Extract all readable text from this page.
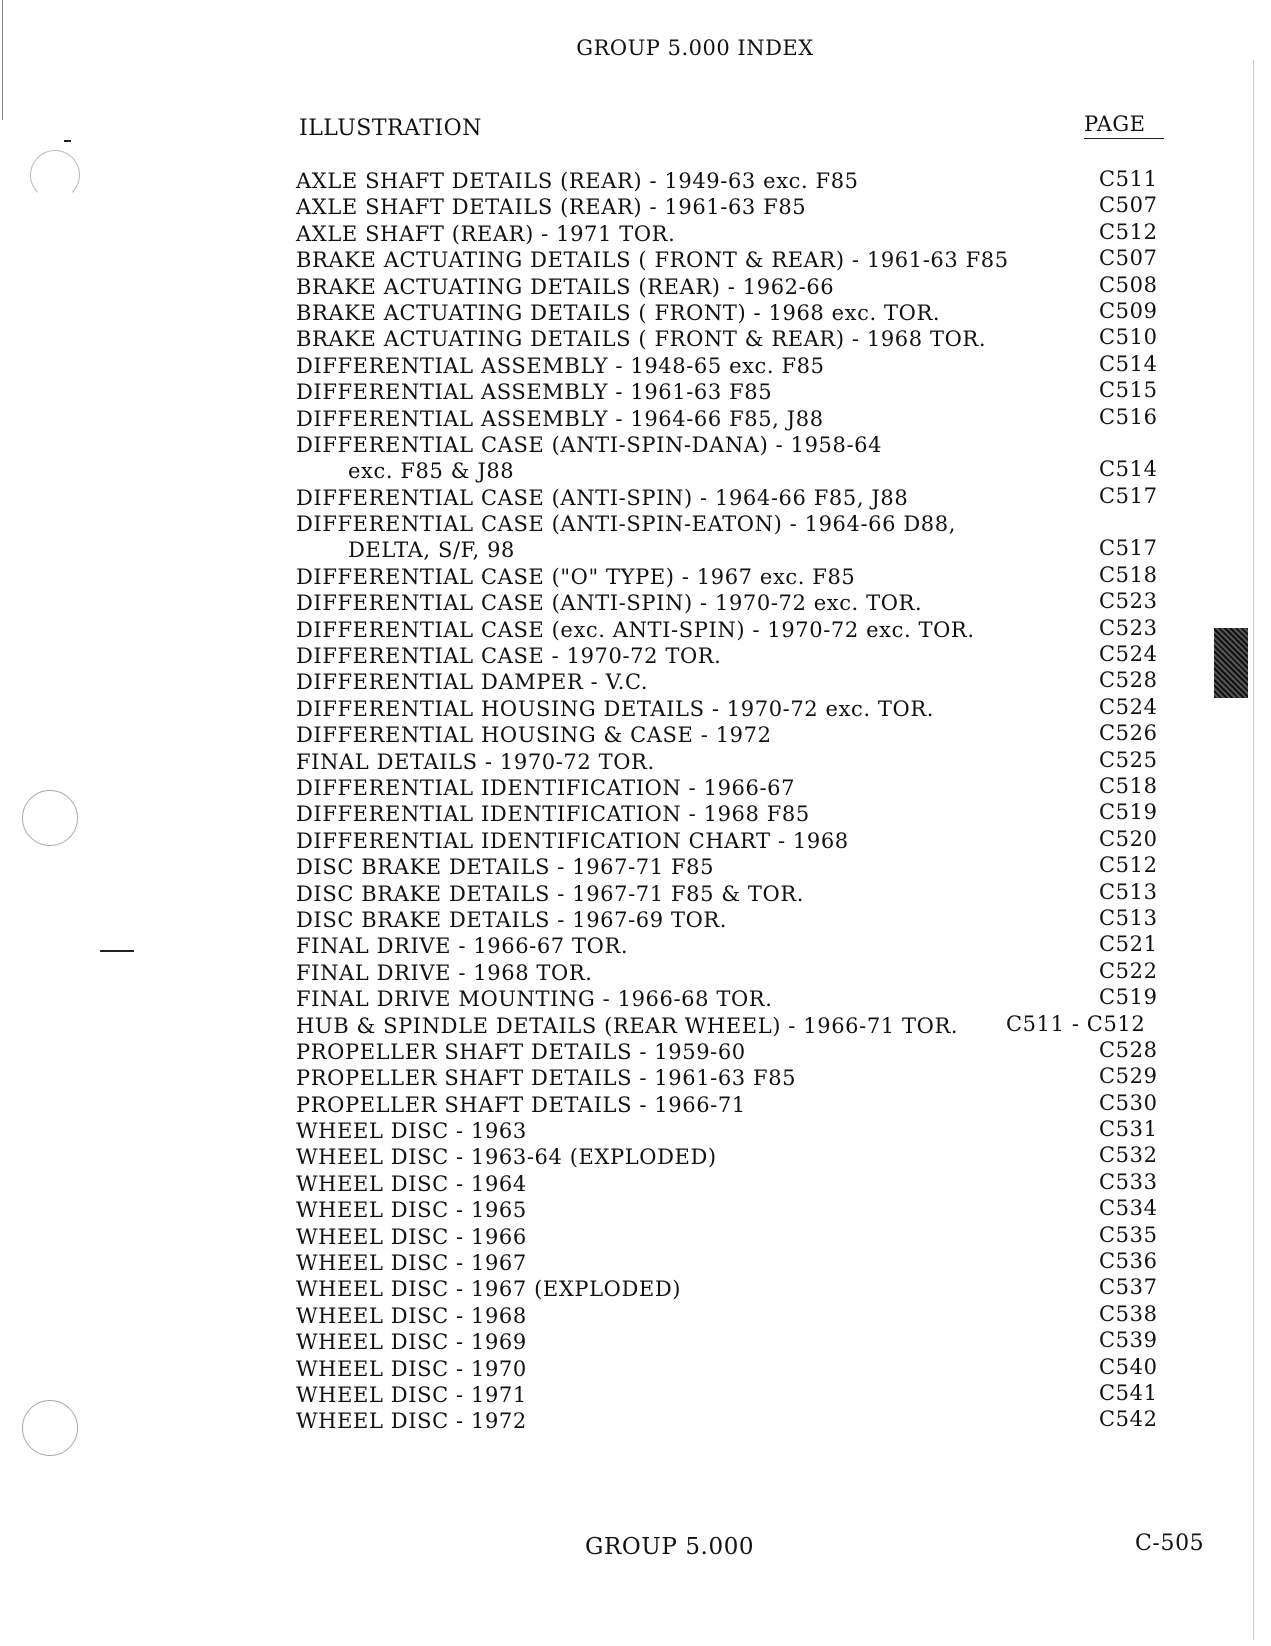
GROUP 5.000 INDEX
ILLUSTRATION	PAGE
AXLE SHAFT DETAILS (REAR) - 1949-63 exc. F85	C511
AXLE SHAFT DETAILS (REAR) - 1961-63 F85	C507
AXLE SHAFT (REAR) - 1971 TOR.	C512
BRAKE ACTUATING DETAILS ( FRONT & REAR) - 1961-63 F85	C507
BRAKE ACTUATING DETAILS (REAR) - 1962-66	C508
BRAKE ACTUATING DETAILS ( FRONT) - 1968 exc. TOR.	C509
BRAKE ACTUATING DETAILS ( FRONT & REAR) - 1968 TOR.	C510
DIFFERENTIAL ASSEMBLY - 1948-65 exc. F85	C514
DIFFERENTIAL ASSEMBLY - 1961-63 F85	C515
DIFFERENTIAL ASSEMBLY - 1964-66 F85, J88	C516
DIFFERENTIAL CASE (ANTI-SPIN-DANA) - 1958-64
exc. F85 & J88	C514
DIFFERENTIAL CASE (ANTI-SPIN) - 1964-66 F85, J88	C517
DIFFERENTIAL CASE (ANTI-SPIN-EATON) - 1964-66 D88,
DELTA, S/F, 98	C517
DIFFERENTIAL CASE ("O" TYPE) - 1967 exc. F85	C518
DIFFERENTIAL CASE (ANTI-SPIN) - 1970-72 exc. TOR.	C523
DIFFERENTIAL CASE (exc. ANTI-SPIN) - 1970-72 exc. TOR.	C523
DIFFERENTIAL CASE - 1970-72 TOR.	C524
DIFFERENTIAL DAMPER - V.C.	C528
DIFFERENTIAL HOUSING DETAILS - 1970-72 exc. TOR.	C524
DIFFERENTIAL HOUSING & CASE - 1972	C526
FINAL DETAILS - 1970-72 TOR.	C525
DIFFERENTIAL IDENTIFICATION - 1966-67	C518
DIFFERENTIAL IDENTIFICATION - 1968 F85	C519
DIFFERENTIAL IDENTIFICATION CHART - 1968	C520
DISC BRAKE DETAILS - 1967-71 F85	C512
DISC BRAKE DETAILS - 1967-71 F85 & TOR.	C513
DISC BRAKE DETAILS - 1967-69 TOR.	C513
FINAL DRIVE - 1966-67 TOR.	C521
FINAL DRIVE - 1968 TOR.	C522
FINAL DRIVE MOUNTING - 1966-68 TOR.	C519
HUB & SPINDLE DETAILS (REAR WHEEL) - 1966-71 TOR. C511 - C512
PROPELLER SHAFT DETAILS - 1959-60	C528
PROPELLER SHAFT DETAILS - 1961-63 F85	C529
PROPELLER SHAFT DETAILS - 1966-71	C530
WHEEL DISC - 1963	C531
WHEEL DISC - 1963-64 (EXPLODED)	C532
WHEEL DISC - 1964	C533
WHEEL DISC - 1965	C534
WHEEL DISC - 1966	C535
WHEEL DISC - 1967	C536
WHEEL DISC - 1967 (EXPLODED)	C537
WHEEL DISC - 1968	C538
WHEEL DISC - 1969	C539
WHEEL DISC - 1970	C540
WHEEL DISC - 1971	C541
WHEEL DISC - 1972	C542
GROUP 5.000	C-505
